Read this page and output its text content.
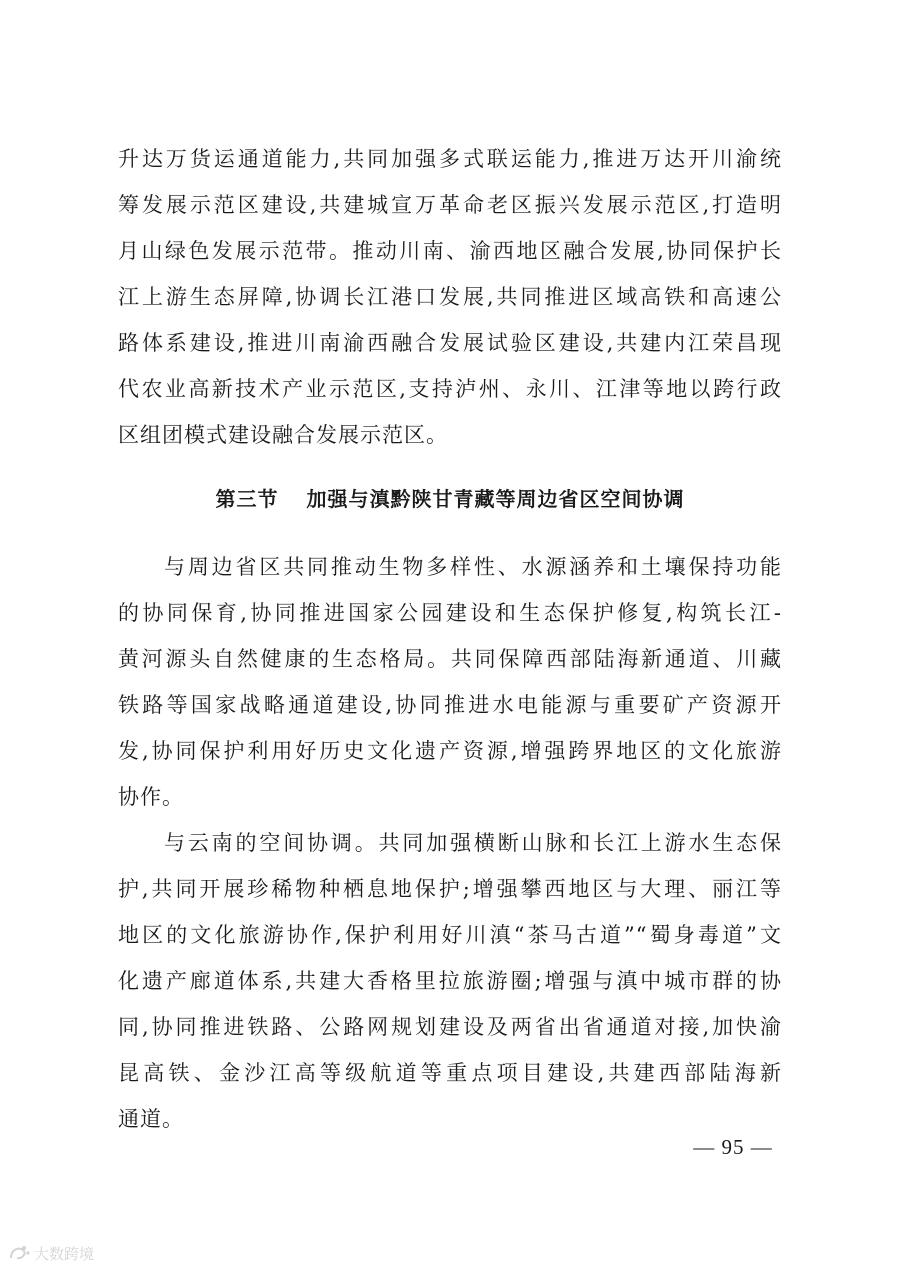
升达万货运通道能力,共同加强多式联运能力,推进万达开川渝统
筹发展示范区建设,共建城宣万革命老区振兴发展示范区,打造明
月山绿色发展示范带。推动川南、渝西地区融合发展,协同保护长
江上游生态屏障,协调长江港口发展,共同推进区域高铁和高速公
路体系建设,推进川南渝西融合发展试验区建设,共建内江荣昌现
代农业高新技术产业示范区,支持泸州、永川、江津等地以跨行政
区组团模式建设融合发展示范区。
第三节 加强与滇黔陕甘青藏等周边省区空间协调
与周边省区共同推动生物多样性、水源涵养和土壤保持功能
的协同保育,协同推进国家公园建设和生态保护修复,构筑长江-
黄河源头自然健康的生态格局。共同保障西部陆海新通道、川藏
铁路等国家战略通道建设,协同推进水电能源与重要矿产资源开
发,协同保护利用好历史文化遗产资源,增强跨界地区的文化旅游
协作。
与云南的空间协调。共同加强横断山脉和长江上游水生态保
护,共同开展珍稀物种栖息地保护;增强攀西地区与大理、丽江等
地区的文化旅游协作,保护利用好川滇“茶马古道”“蜀身毒道”文
化遗产廊道体系,共建大香格里拉旅游圈;增强与滇中城市群的协
同,协同推进铁路、公路网规划建设及两省出省通道对接,加快渝
昆高铁、金沙江高等级航道等重点项目建设,共建西部陆海新
通道。
— 95 —
大数跨境
